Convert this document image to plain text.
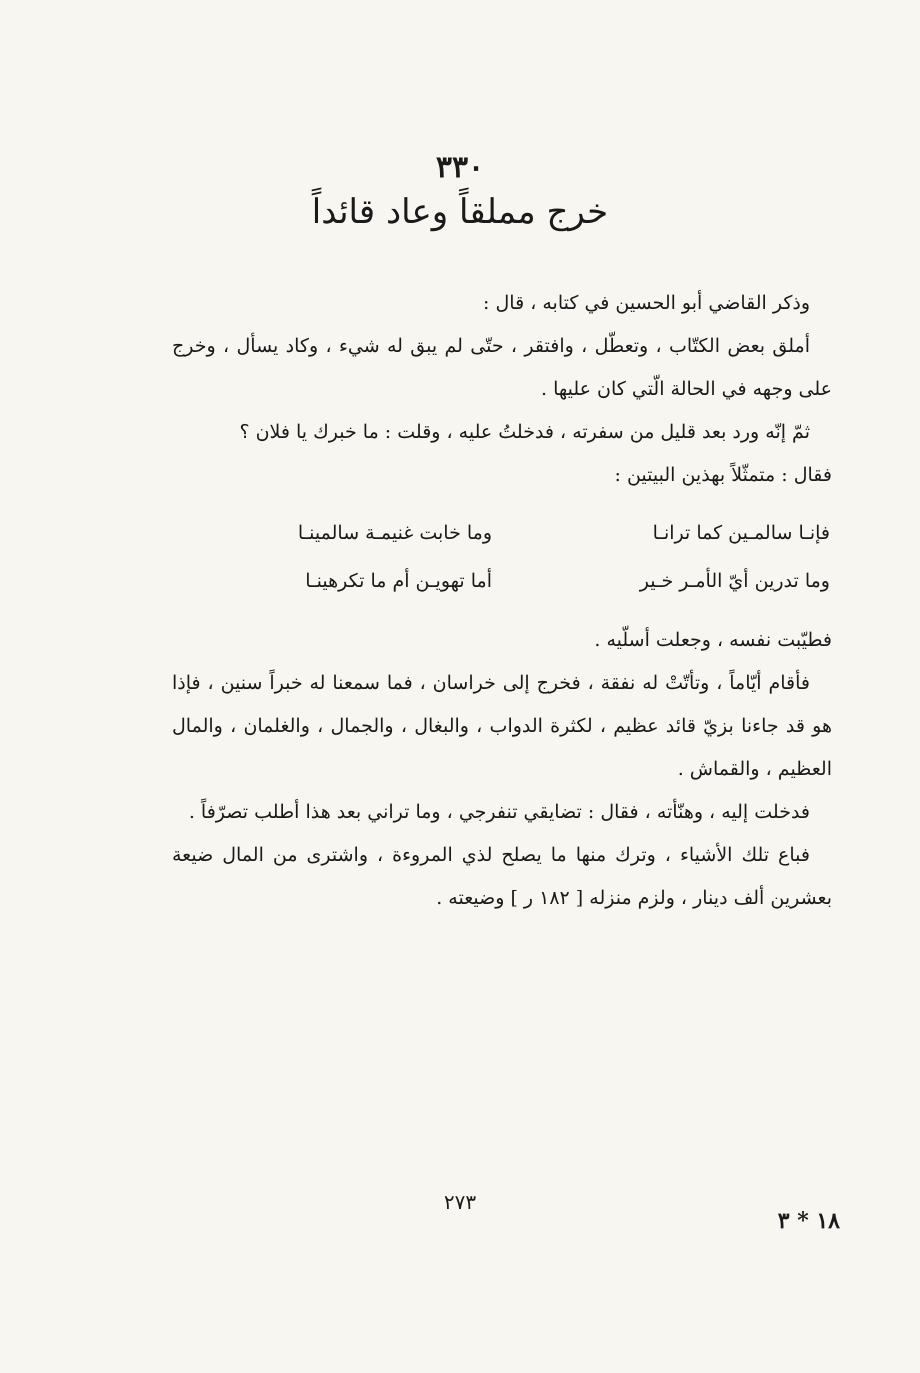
٣٣٠
خرج مملقاً وعاد قائداً

وذكر القاضي أبو الحسين في كتابه ، قال :

أملق بعض الكتّاب ، وتعطّل ، وافتقر ، حتّى لم يبق له شيء ، وكاد يسأل ، وخرج على وجهه في الحالة الّتي كان عليها .

ثمّ إنّه ورد بعد قليل من سفرته ، فدخلتُ عليه ، وقلت : ما خبرك يا فلان ؟

فقال : متمثّلاً بهذين البيتين :

فإنـا سالمـين كما ترانـا
وما خابت غنيمـة سالمينـا
وما تدرين أيّ الأمـر خـير
أما تهويـن أم ما تكرهينـا

فطيّبت نفسه ، وجعلت أسلّيه .

فأقام أيّاماً ، وتأتّتْ له نفقة ، فخرج إلى خراسان ، فما سمعنا له خبراً سنين ، فإذا هو قد جاءنا بزيّ قائد عظيم ، لكثرة الدواب ، والبغال ، والجمال ، والغلمان ، والمال العظيم ، والقماش .

فدخلت إليه ، وهنّأته ، فقال : تضايقي تنفرجي ، وما تراني بعد هذا أطلب تصرّفاً .

فباع تلك الأشياء ، وترك منها ما يصلح لذي المروءة ، واشترى من المال ضيعة بعشرين ألف دينار ، ولزم منزله [ ١٨٢ ر ] وضيعته .

٢٧٣
١٨ * ٣
